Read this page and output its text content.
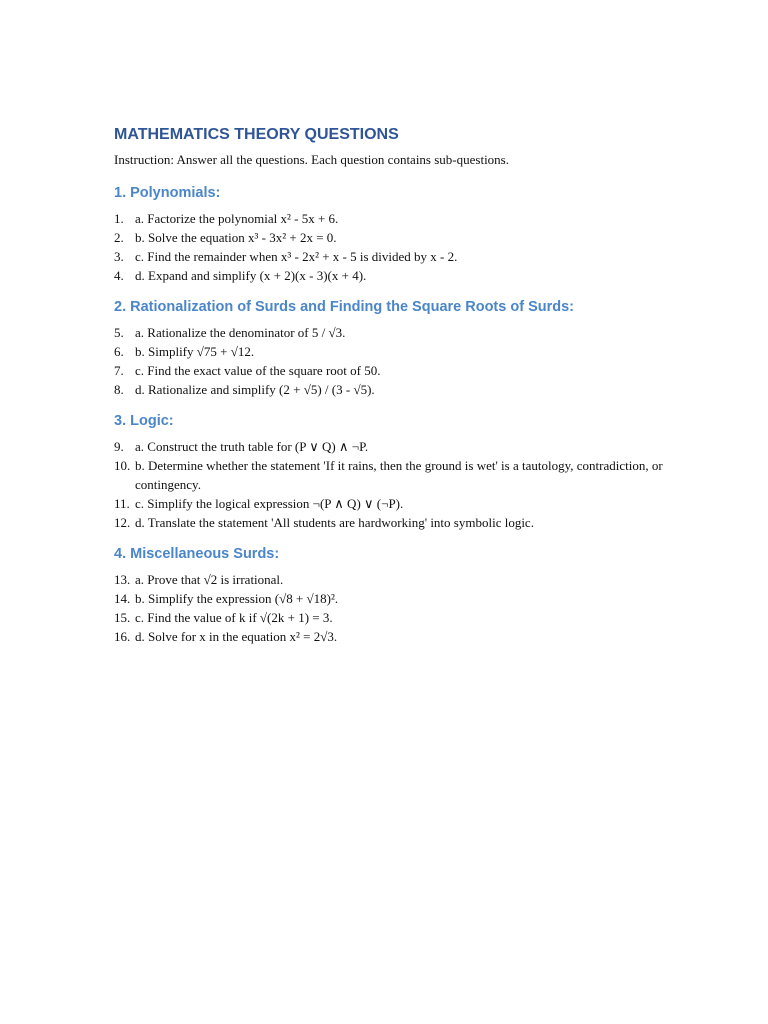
MATHEMATICS THEORY QUESTIONS

Instruction: Answer all the questions. Each question contains sub-questions.

1. Polynomials:
1. a. Factorize the polynomial x² - 5x + 6.
2. b. Solve the equation x³ - 3x² + 2x = 0.
3. c. Find the remainder when x³ - 2x² + x - 5 is divided by x - 2.
4. d. Expand and simplify (x + 2)(x - 3)(x + 4).
2. Rationalization of Surds and Finding the Square Roots of Surds:
5. a. Rationalize the denominator of 5 / √3.
6. b. Simplify √75 + √12.
7. c. Find the exact value of the square root of 50.
8. d. Rationalize and simplify (2 + √5) / (3 - √5).
3. Logic:
9. a. Construct the truth table for (P ∨ Q) ∧ ¬P.
10. b. Determine whether the statement 'If it rains, then the ground is wet' is a tautology, contradiction, or contingency.
11. c. Simplify the logical expression ¬(P ∧ Q) ∨ (¬P).
12. d. Translate the statement 'All students are hardworking' into symbolic logic.
4. Miscellaneous Surds:
13. a. Prove that √2 is irrational.
14. b. Simplify the expression (√8 + √18)².
15. c. Find the value of k if √(2k + 1) = 3.
16. d. Solve for x in the equation x² = 2√3.
